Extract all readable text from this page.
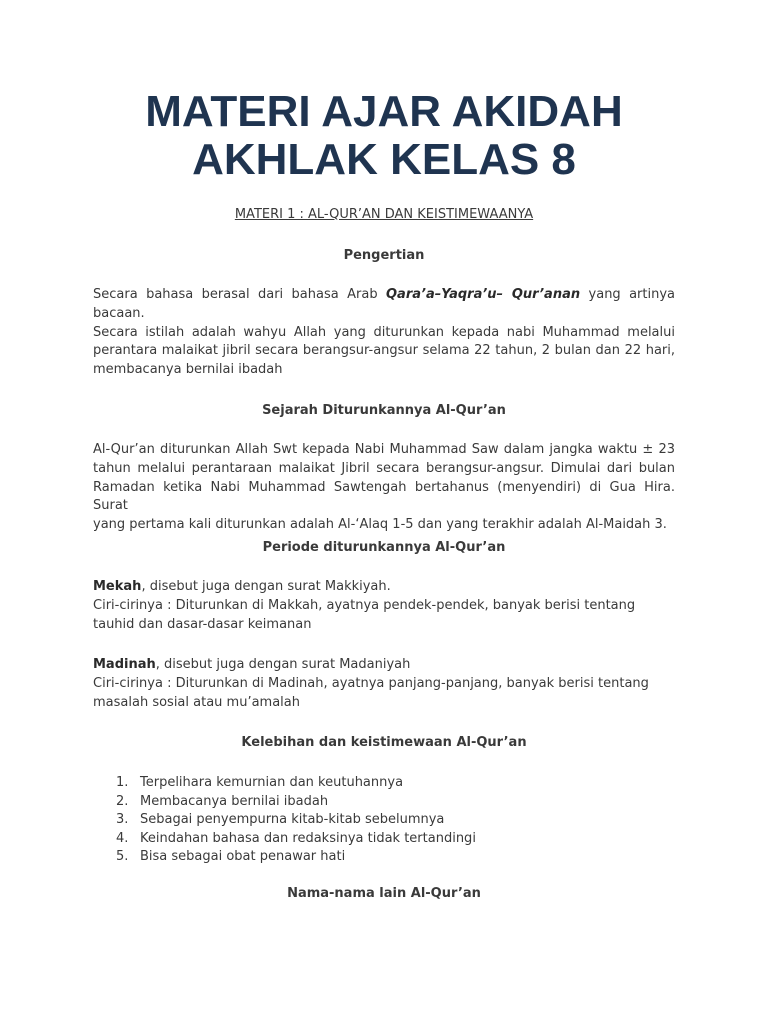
MATERI AJAR AKIDAH
AKHLAK KELAS 8
MATERI 1 : AL-QUR’AN DAN KEISTIMEWAANYA
Pengertian
Secara bahasa berasal dari bahasa Arab Qara’a–Yaqra’u– Qur’anan yang artinya
bacaan.
Secara istilah adalah wahyu Allah yang diturunkan kepada nabi Muhammad melalui
perantara malaikat jibril secara berangsur-angsur selama 22 tahun, 2 bulan dan 22 hari,
membacanya bernilai ibadah
Sejarah Diturunkannya Al-Qur’an
Al-Qur’an diturunkan Allah Swt kepada Nabi Muhammad Saw dalam jangka waktu ± 23
tahun melalui perantaraan malaikat Jibril secara berangsur-angsur. Dimulai dari bulan
Ramadan ketika Nabi Muhammad Sawtengah bertahanus (menyendiri) di Gua Hira. Surat
yang pertama kali diturunkan adalah Al-‘Alaq 1-5 dan yang terakhir adalah Al-Maidah 3.
Periode diturunkannya Al-Qur’an
Mekah, disebut juga dengan surat Makkiyah.
Ciri-cirinya : Diturunkan di Makkah, ayatnya pendek-pendek, banyak berisi tentang
tauhid dan dasar-dasar keimanan
Madinah, disebut juga dengan surat Madaniyah
Ciri-cirinya : Diturunkan di Madinah, ayatnya panjang-panjang, banyak berisi tentang
masalah sosial atau mu’amalah
Kelebihan dan keistimewaan Al-Qur’an
1. Terpelihara kemurnian dan keutuhannya
2. Membacanya bernilai ibadah
3. Sebagai penyempurna kitab-kitab sebelumnya
4. Keindahan bahasa dan redaksinya tidak tertandingi
5. Bisa sebagai obat penawar hati
Nama-nama lain Al-Qur’an
